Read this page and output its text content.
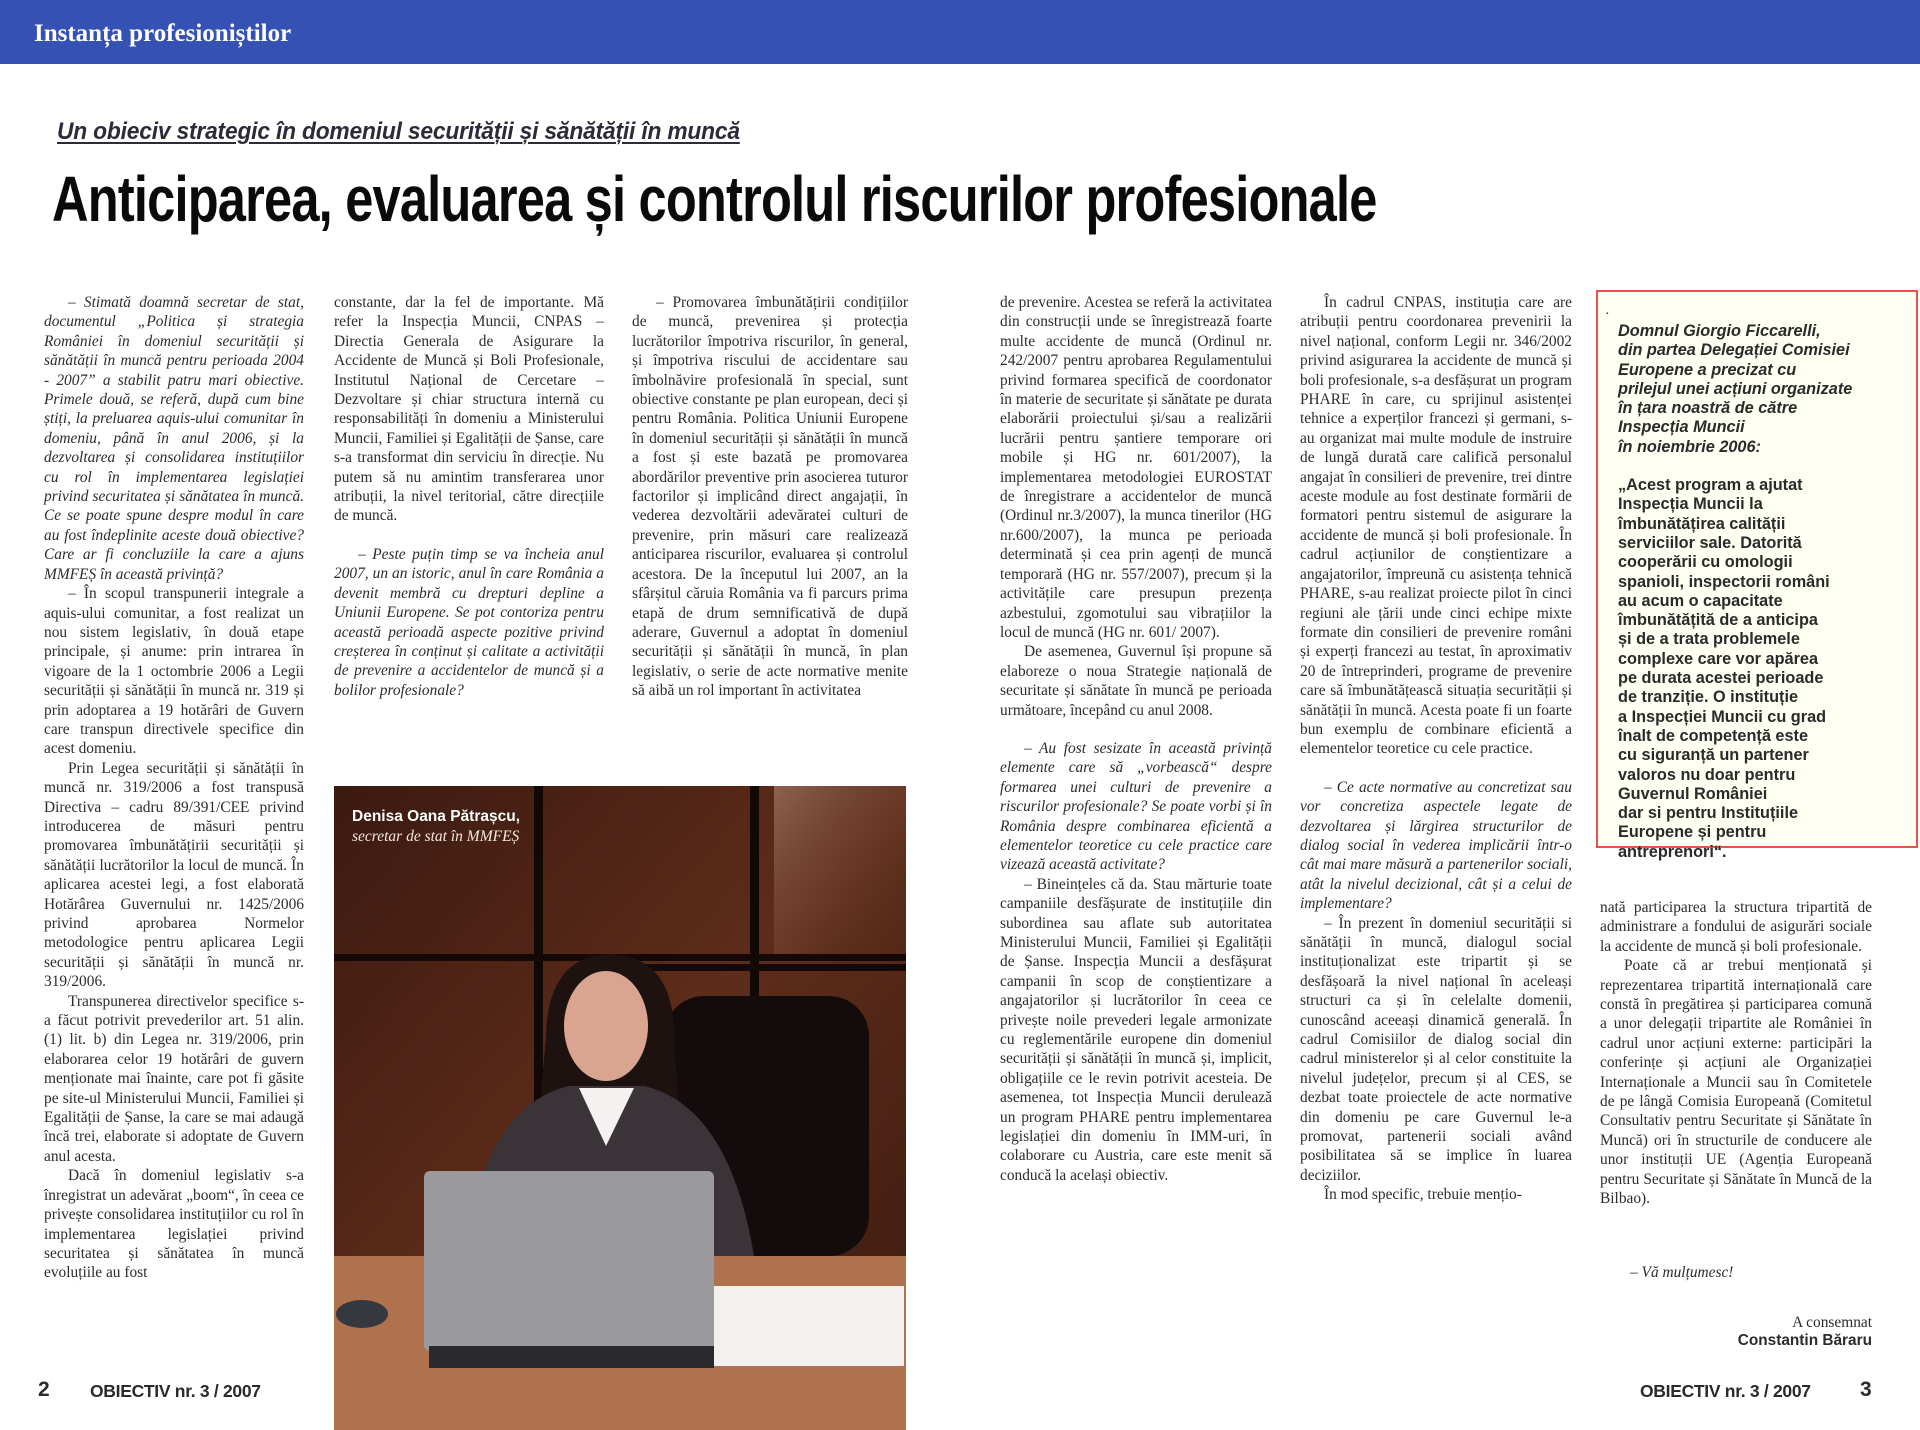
Instanța profesioniștilor
Un obieciv strategic în domeniul securității și sănătății în muncă
Anticiparea, evaluarea și controlul riscurilor profesionale

– Stimată doamnă secretar de stat, documentul „Politica și strategia României în domeniul securității și sănătății în muncă pentru perioada 2004 - 2007” a stabilit patru mari obiective. Primele două, se referă, după cum bine știți, la preluarea aquis-ului comunitar în domeniu, până în anul 2006, și la dezvoltarea și consolidarea instituțiilor cu rol în implementarea legislației privind securitatea și sănătatea în muncă. Ce se poate spune despre modul în care au fost îndeplinite aceste două obiective? Care ar fi concluziile la care a ajuns MMFEȘ în această privință?

– În scopul transpunerii integrale a aquis-ului comunitar, a fost realizat un nou sistem legislativ, în două etape principale, și anume: prin intrarea în vigoare de la 1 octombrie 2006 a Legii securității și sănătății în muncă nr. 319 și prin adoptarea a 19 hotărâri de Guvern care transpun directivele specifice din acest domeniu.

Prin Legea securității și sănătății în muncă nr. 319/2006 a fost transpusă Directiva – cadru 89/391/CEE privind introducerea de măsuri pentru promovarea îmbunătățirii securității și sănătății lucrătorilor la locul de muncă. În aplicarea acestei legi, a fost elaborată Hotărârea Guvernului nr. 1425/2006 privind aprobarea Normelor metodologice pentru aplicarea Legii securității și sănătății în muncă nr. 319/2006.

Transpunerea directivelor specifice s-a făcut potrivit prevederilor art. 51 alin.(1) lit. b) din Legea nr. 319/2006, prin elaborarea celor 19 hotărâri de guvern menționate mai înainte, care pot fi găsite pe site-ul Ministerului Muncii, Familiei și Egalității de Șanse, la care se mai adaugă încă trei, elaborate si adoptate de Guvern anul acesta.

Dacă în domeniul legislativ s-a înregistrat un adevărat „boom“, în ceea ce privește consolidarea instituțiilor cu rol în implementarea legislației privind securitatea și sănătatea în muncă evoluțiile au fost

constante, dar la fel de importante. Mă refer la Inspecția Muncii, CNPAS – Directia Generala de Asigurare la Accidente de Muncă și Boli Profesionale, Institutul Național de Cercetare – Dezvoltare și chiar structura internă cu responsabilități în domeniu a Ministerului Muncii, Familiei și Egalității de Șanse, care s-a transformat din serviciu în direcție. Nu putem să nu amintim transferarea unor atribuții, la nivel teritorial, către direcțiile de muncă.

– Peste puțin timp se va încheia anul 2007, un an istoric, anul în care România a devenit membră cu drepturi depline a Uniunii Europene. Se pot contoriza pentru această perioadă aspecte pozitive privind creșterea în conținut și calitate a activității de prevenire a accidentelor de muncă și a bolilor profesionale?

– Promovarea îmbunătățirii condițiilor de muncă, prevenirea și protecția lucrătorilor împotriva riscurilor, în general, și împotriva riscului de accidentare sau îmbolnăvire profesională în special, sunt obiective constante pe plan european, deci și pentru România. Politica Uniunii Europene în domeniul securității și sănătății în muncă a fost și este bazată pe promovarea abordărilor preventive prin asocierea tuturor factorilor și implicând direct angajații, în vederea dezvoltării adevăratei culturi de prevenire, prin măsuri care realizează anticiparea riscurilor, evaluarea și controlul acestora. De la începutul lui 2007, an la sfârșitul căruia România va fi parcurs prima etapă de drum semnificativă de după aderare, Guvernul a adoptat în domeniul securității și sănătății în muncă, în plan legislativ, o serie de acte normative menite să aibă un rol important în activitatea

de prevenire. Acestea se referă la activitatea din construcții unde se înregistrează foarte multe accidente de muncă (Ordinul nr. 242/2007 pentru aprobarea Regulamentului privind formarea specifică de coordonator în materie de securitate și sănătate pe durata elaborării proiectului și/sau a realizării lucrării pentru șantiere temporare ori mobile și HG nr. 601/2007), la implementarea metodologiei EUROSTAT de înregistrare a accidentelor de muncă (Ordinul nr.3/2007), la munca tinerilor (HG nr.600/2007), la munca pe perioada determinată și cea prin agenți de muncă temporară (HG nr. 557/2007), precum și la activitățile care presupun prezența azbestului, zgomotului sau vibrațiilor la locul de muncă (HG nr. 601/ 2007).

De asemenea, Guvernul își propune să elaboreze o noua Strategie națională de securitate și sănătate în muncă pe perioada următoare, începând cu anul 2008.

– Au fost sesizate în această privință elemente care să „vorbească“ despre formarea unei culturi de prevenire a riscurilor profesionale? Se poate vorbi și în România despre combinarea eficientă a elementelor teoretice cu cele practice care vizează această activitate?

– Bineințeles că da. Stau mărturie toate campaniile desfășurate de instituțiile din subordinea sau aflate sub autoritatea Ministerului Muncii, Familiei și Egalității de Șanse. Inspecția Muncii a desfășurat campanii în scop de conștientizare a angajatorilor și lucrătorilor în ceea ce privește noile prevederi legale armonizate cu reglementările europene din domeniul securității și sănătății în muncă și, implicit, obligațiile ce le revin potrivit acesteia. De asemenea, tot Inspecția Muncii derulează un program PHARE pentru implementarea legislației din domeniu în IMM-uri, în colaborare cu Austria, care este menit să conducă la același obiectiv.

În cadrul CNPAS, instituția care are atribuții pentru coordonarea prevenirii la nivel național, conform Legii nr. 346/2002 privind asigurarea la accidente de muncă și boli profesionale, s-a desfășurat un program PHARE în care, cu sprijinul asistenței tehnice a experților francezi și germani, s-au organizat mai multe module de instruire de lungă durată care califică personalul angajat în consilieri de prevenire, trei dintre aceste module au fost destinate formării de formatori pentru sistemul de asigurare la accidente de muncă și boli profesionale. În cadrul acțiunilor de conștientizare a angajatorilor, împreună cu asistența tehnică PHARE, s-au realizat proiecte pilot în cinci regiuni ale țării unde cinci echipe mixte formate din consilieri de prevenire români și experți francezi au testat, în aproximativ 20 de întreprinderi, programe de prevenire care să îmbunătățească situația securității și sănătății în muncă. Acesta poate fi un foarte bun exemplu de combinare eficientă a elementelor teoretice cu cele practice.

– Ce acte normative au concretizat sau vor concretiza aspectele legate de dezvoltarea și lărgirea structurilor de dialog social în vederea implicării într-o cât mai mare măsură a partenerilor sociali, atât la nivelul decizional, cât și a celui de implementare?

– În prezent în domeniul securității si sănătății în muncă, dialogul social instituționalizat este tripartit și se desfășoară la nivel național în aceleași structuri ca și în celelalte domenii, cunoscând aceeași dinamică generală. În cadrul Comisiilor de dialog social din cadrul ministerelor și al celor constituite la nivelul județelor, precum și al CES, se dezbat toate proiectele de acte normative din domeniu pe care Guvernul le-a promovat, partenerii sociali având posibilitatea să se implice în luarea deciziilor.

În mod specific, trebuie mențio-

nată participarea la structura tripartită de administrare a fondului de asigurări sociale la accidente de muncă și boli profesionale.

Poate că ar trebui menționată și reprezentarea tripartită internațională care constă în pregătirea și participarea comună a unor delegații tripartite ale României în cadrul unor acțiuni externe: participări la conferințe și acțiuni ale Organizației Internaționale a Muncii sau în Comitetele de pe lângă Comisia Europeană (Comitetul Consultativ pentru Securitate și Sănătate în Muncă) ori în structurile de conducere ale unor instituții UE (Agenția Europeană pentru Securitate și Sănătate în Muncă de la Bilbao).

Denisa Oana Pătrașcu,
secretar de stat în MMFEȘ
.
Domnul Giorgio Ficcarelli,
din partea Delegației Comisiei
Europene a precizat cu
prilejul unei acțiuni organizate
în țara noastră de către
Inspecția Muncii
în noiembrie 2006:
„Acest program a ajutat
Inspecția Muncii la
îmbunătățirea calității
serviciilor sale. Datorită
cooperării cu omologii
spanioli, inspectorii români
au acum o capacitate
îmbunătățită de a anticipa
și de a trata problemele
complexe care vor apărea
pe durata acestei perioade
de tranziție. O instituție
a Inspecției Muncii cu grad
înalt de competență este
cu siguranță un partener
valoros nu doar pentru
Guvernul României
dar si pentru Instituțiile
Europene și pentru
antreprenori“.
– Vă mulțumesc!
A consemnat
Constantin Băraru
2 OBIECTIV nr. 3 / 2007	OBIECTIV nr. 3 / 2007 3
